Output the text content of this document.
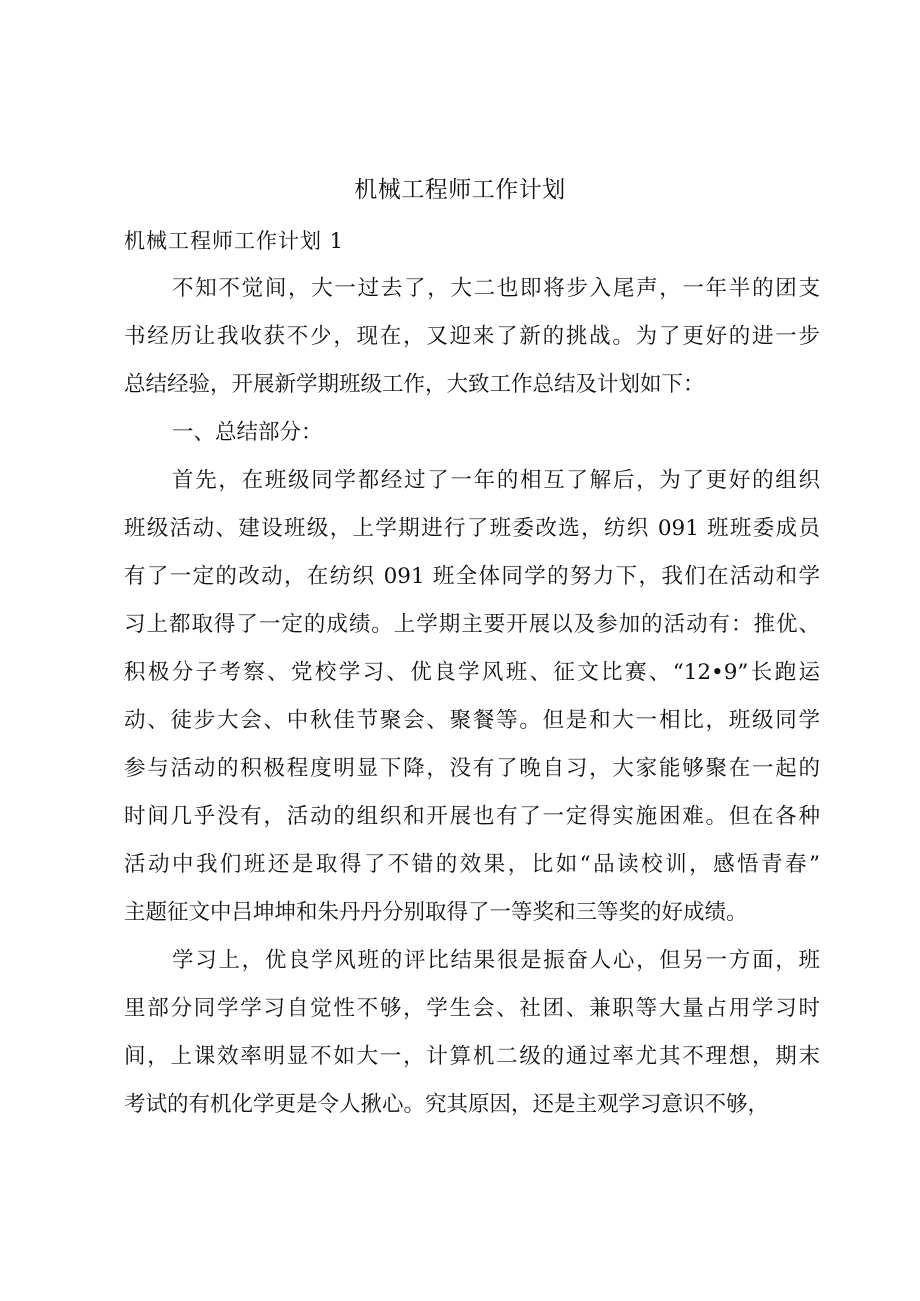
机械工程师工作计划
机械工程师工作计划 1
不知不觉间，大一过去了，大二也即将步入尾声，一年半的团支
书经历让我收获不少，现在，又迎来了新的挑战。为了更好的进一步
总结经验，开展新学期班级工作，大致工作总结及计划如下：
一、总结部分：
首先，在班级同学都经过了一年的相互了解后，为了更好的组织
班级活动、建设班级，上学期进行了班委改选，纺织 091 班班委成员
有了一定的改动，在纺织 091 班全体同学的努力下，我们在活动和学
习上都取得了一定的成绩。上学期主要开展以及参加的活动有：推优、
积极分子考察、党校学习、优良学风班、征文比赛、“12•9”长跑运
动、徒步大会、中秋佳节聚会、聚餐等。但是和大一相比，班级同学
参与活动的积极程度明显下降，没有了晚自习，大家能够聚在一起的
时间几乎没有，活动的组织和开展也有了一定得实施困难。但在各种
活动中我们班还是取得了不错的效果，比如“品读校训，感悟青春”
主题征文中吕坤坤和朱丹丹分别取得了一等奖和三等奖的好成绩。
学习上，优良学风班的评比结果很是振奋人心，但另一方面，班
里部分同学学习自觉性不够，学生会、社团、兼职等大量占用学习时
间，上课效率明显不如大一，计算机二级的通过率尤其不理想，期末
考试的有机化学更是令人揪心。究其原因，还是主观学习意识不够，
